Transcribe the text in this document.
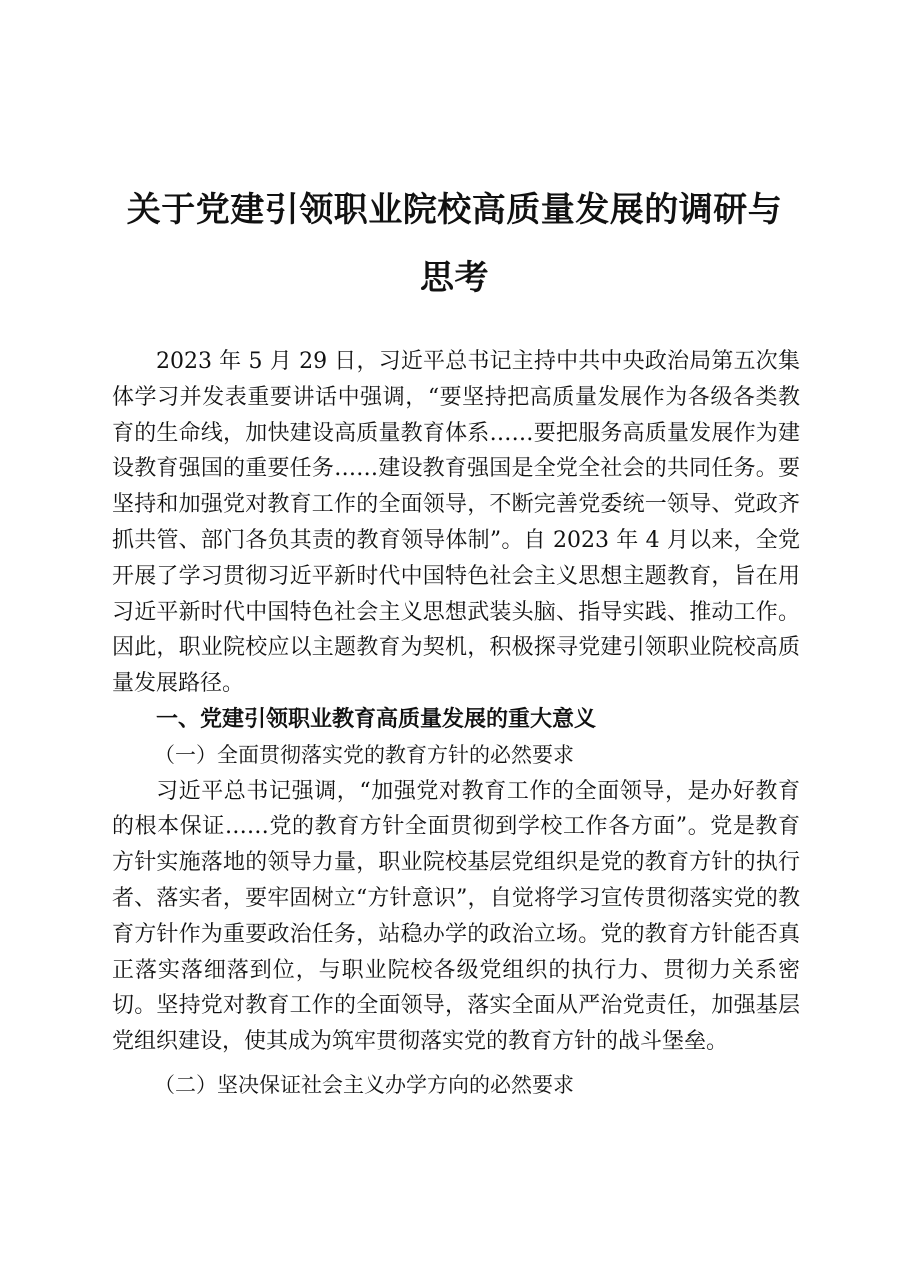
关于党建引领职业院校高质量发展的调研与思考

2023 年 5 月 29 日，习近平总书记主持中共中央政治局第五次集体学习并发表重要讲话中强调，“要坚持把高质量发展作为各级各类教育的生命线，加快建设高质量教育体系……要把服务高质量发展作为建设教育强国的重要任务……建设教育强国是全党全社会的共同任务。要坚持和加强党对教育工作的全面领导，不断完善党委统一领导、党政齐抓共管、部门各负其责的教育领导体制”。自 2023 年 4 月以来，全党开展了学习贯彻习近平新时代中国特色社会主义思想主题教育，旨在用习近平新时代中国特色社会主义思想武装头脑、指导实践、推动工作。因此，职业院校应以主题教育为契机，积极探寻党建引领职业院校高质量发展路径。

一、党建引领职业教育高质量发展的重大意义

（一）全面贯彻落实党的教育方针的必然要求

习近平总书记强调，“加强党对教育工作的全面领导，是办好教育的根本保证……党的教育方针全面贯彻到学校工作各方面”。党是教育方针实施落地的领导力量，职业院校基层党组织是党的教育方针的执行者、落实者，要牢固树立“方针意识”，自觉将学习宣传贯彻落实党的教育方针作为重要政治任务，站稳办学的政治立场。党的教育方针能否真正落实落细落到位，与职业院校各级党组织的执行力、贯彻力关系密切。坚持党对教育工作的全面领导，落实全面从严治党责任，加强基层党组织建设，使其成为筑牢贯彻落实党的教育方针的战斗堡垒。

（二）坚决保证社会主义办学方向的必然要求
